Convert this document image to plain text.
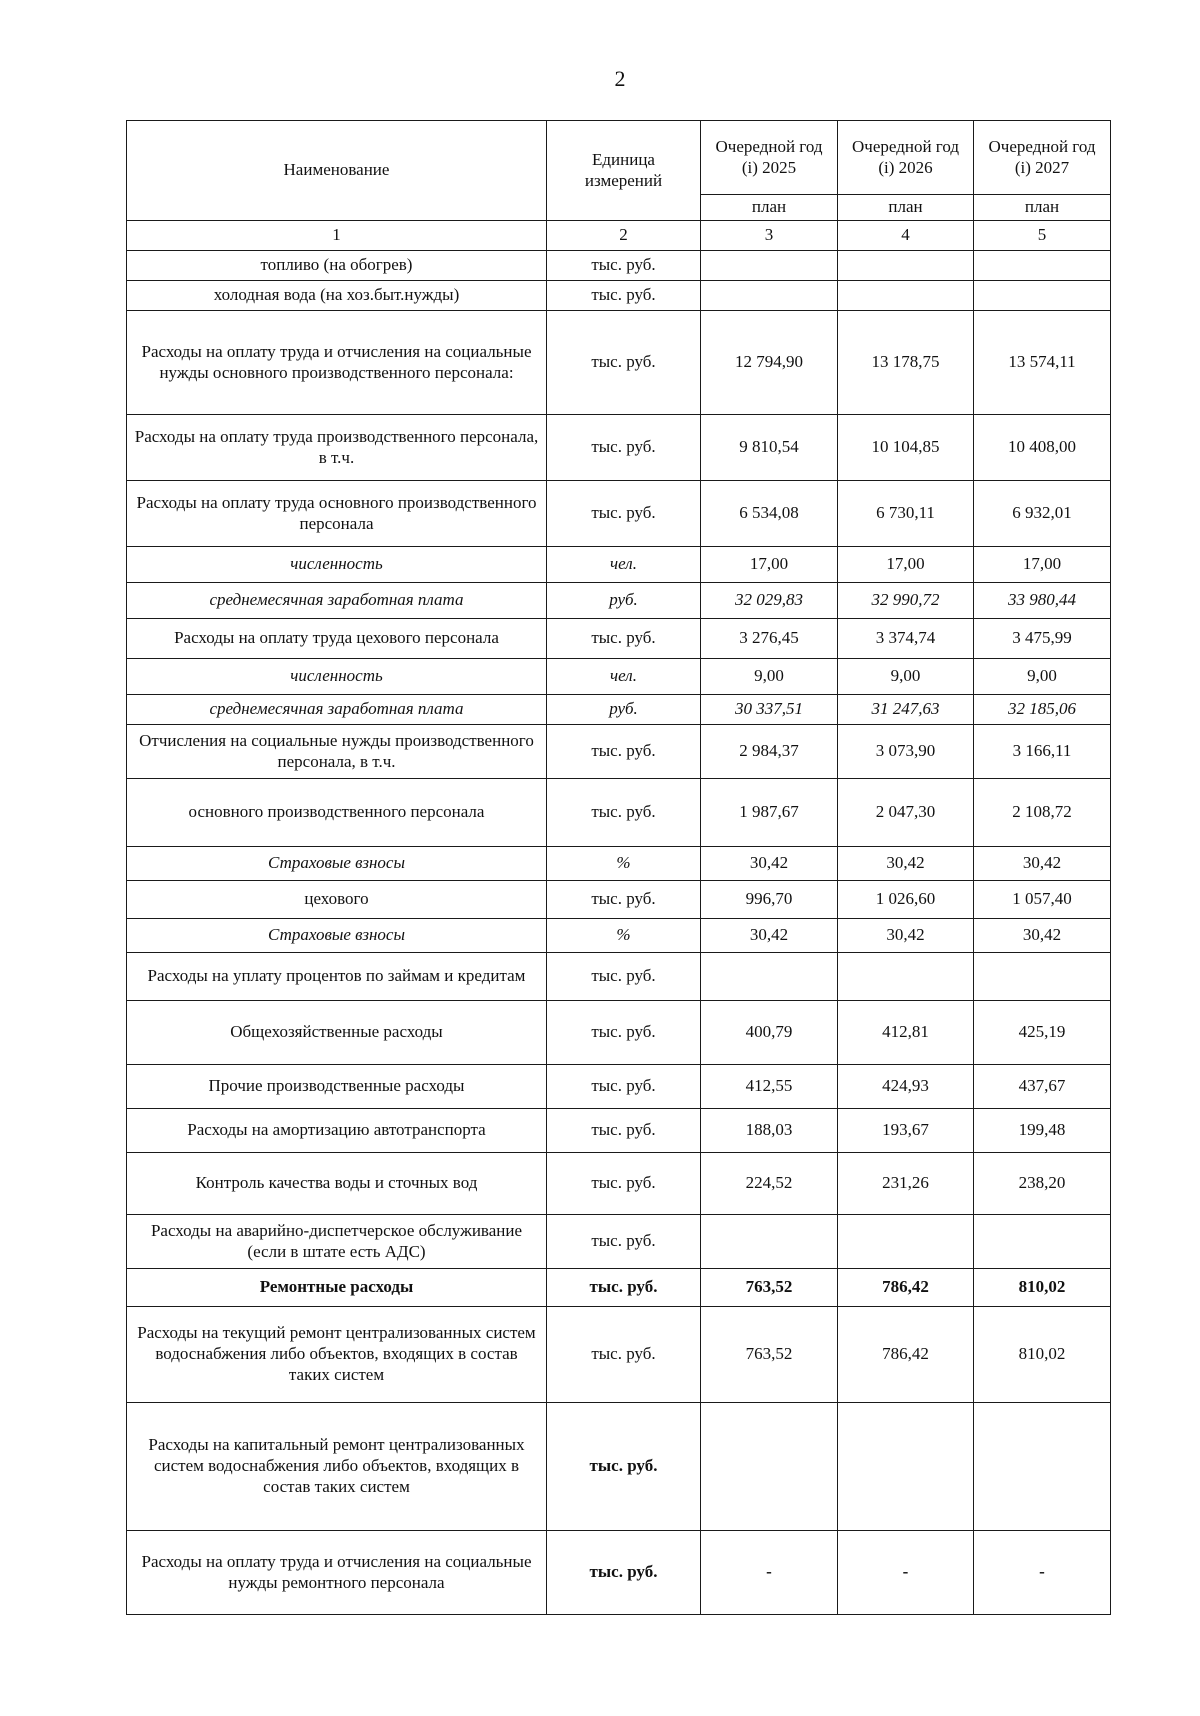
2
Наименование	Единица измерений	Очередной год (i) 2025	Очередной год (i) 2026	Очередной год (i) 2027
		план	план	план
1	2	3	4	5
топливо (на обогрев)	тыс. руб.			
холодная вода (на хоз.быт.нужды)	тыс. руб.			
Расходы на оплату труда и отчисления на социальные нужды основного производственного персонала:	тыс. руб.	12 794,90	13 178,75	13 574,11
Расходы на оплату труда производственного персонала, в т.ч.	тыс. руб.	9 810,54	10 104,85	10 408,00
Расходы на оплату труда основного производственного персонала	тыс. руб.	6 534,08	6 730,11	6 932,01
численность	чел.	17,00	17,00	17,00
среднемесячная заработная плата	руб.	32 029,83	32 990,72	33 980,44
Расходы на оплату труда цехового персонала	тыс. руб.	3 276,45	3 374,74	3 475,99
численность	чел.	9,00	9,00	9,00
среднемесячная заработная плата	руб.	30 337,51	31 247,63	32 185,06
Отчисления на социальные нужды производственного персонала, в т.ч.	тыс. руб.	2 984,37	3 073,90	3 166,11
основного производственного персонала	тыс. руб.	1 987,67	2 047,30	2 108,72
Страховые взносы	%	30,42	30,42	30,42
цехового	тыс. руб.	996,70	1 026,60	1 057,40
Страховые взносы	%	30,42	30,42	30,42
Расходы на уплату процентов по займам и кредитам	тыс. руб.			
Общехозяйственные расходы	тыс. руб.	400,79	412,81	425,19
Прочие производственные расходы	тыс. руб.	412,55	424,93	437,67
Расходы на амортизацию автотранспорта	тыс. руб.	188,03	193,67	199,48
Контроль качества воды и сточных вод	тыс. руб.	224,52	231,26	238,20
Расходы на аварийно-диспетчерское обслуживание (если в штате есть АДС)	тыс. руб.			
Ремонтные расходы	тыс. руб.	763,52	786,42	810,02
Расходы на текущий ремонт централизованных систем водоснабжения либо объектов, входящих в состав таких систем	тыс. руб.	763,52	786,42	810,02
Расходы на капитальный ремонт централизованных систем водоснабжения либо объектов, входящих в состав таких систем	тыс. руб.			
Расходы на оплату труда и отчисления на социальные нужды ремонтного персонала	тыс. руб.	-	-	-
